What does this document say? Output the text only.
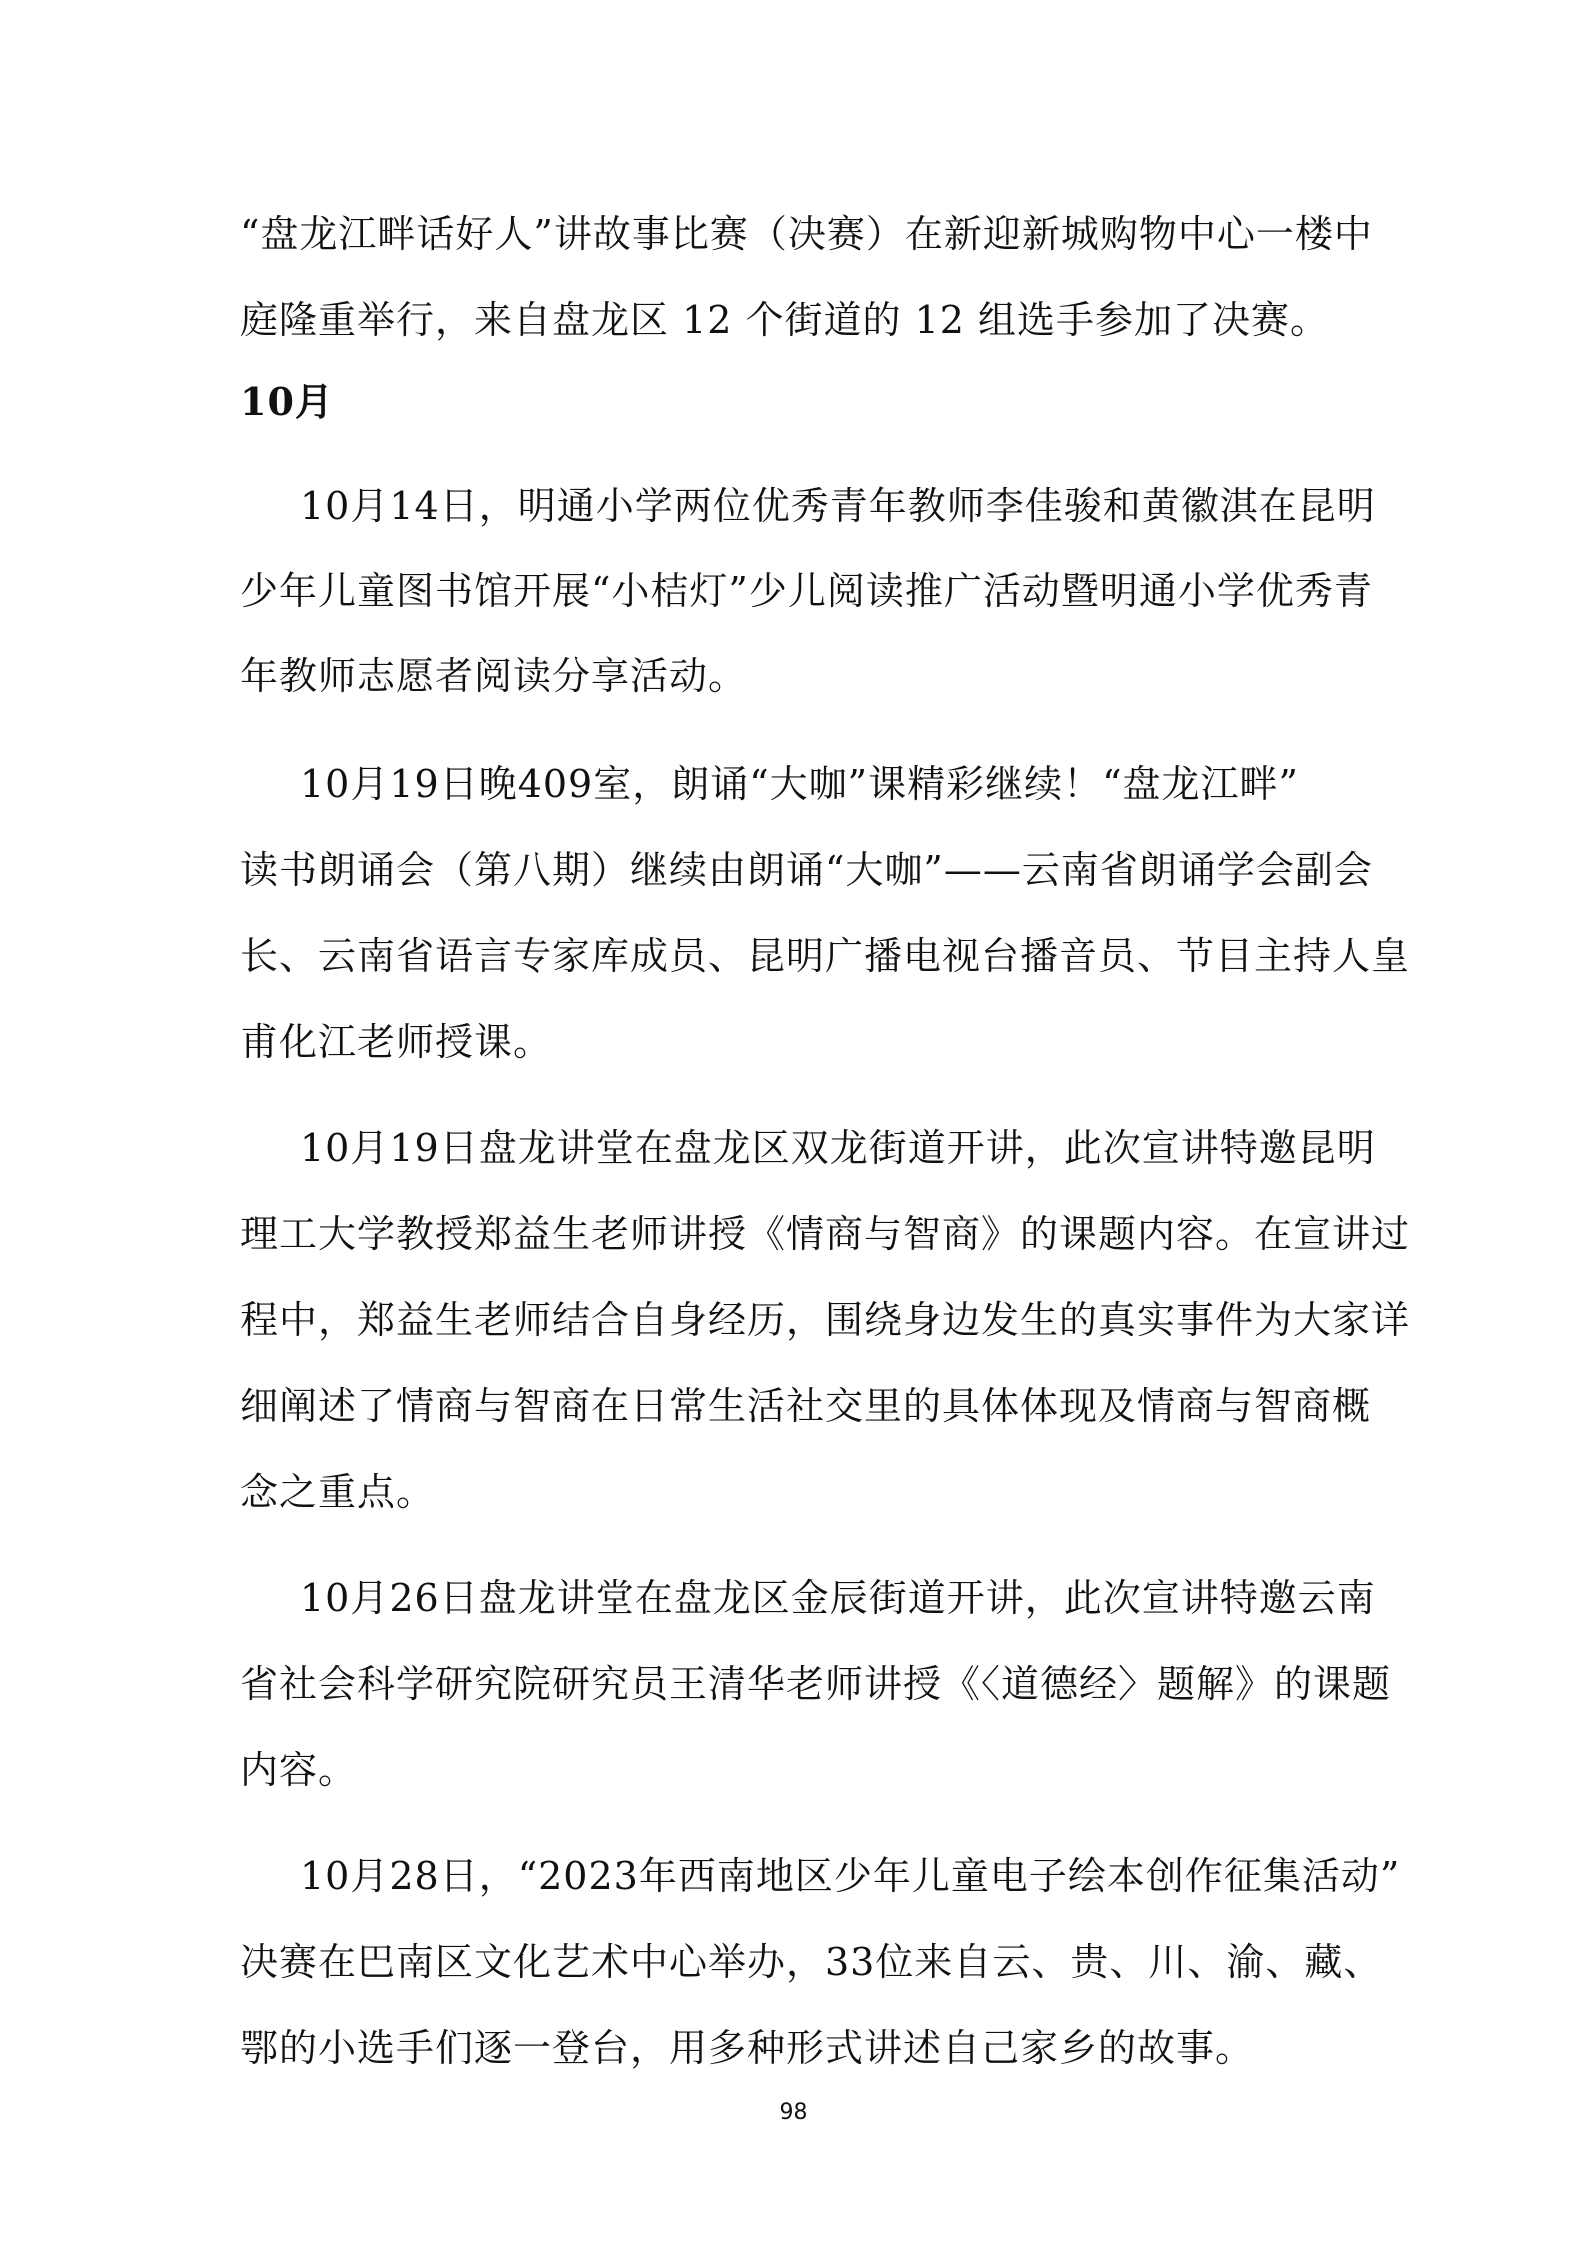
“盘龙江畔话好人”讲故事比赛（决赛）在新迎新城购物中心一楼中
庭隆重举行，来自盘龙区 12 个街道的 12 组选手参加了决赛。
10月
10月14日，明通小学两位优秀青年教师李佳骏和黄徽淇在昆明
少年儿童图书馆开展“小桔灯”少儿阅读推广活动暨明通小学优秀青
年教师志愿者阅读分享活动。
10月19日晚409室，朗诵“大咖”课精彩继续！“盘龙江畔”
读书朗诵会（第八期）继续由朗诵“大咖”——云南省朗诵学会副会
长、云南省语言专家库成员、昆明广播电视台播音员、节目主持人皇
甫化江老师授课。
10月19日盘龙讲堂在盘龙区双龙街道开讲，此次宣讲特邀昆明
理工大学教授郑益生老师讲授《情商与智商》的课题内容。在宣讲过
程中，郑益生老师结合自身经历，围绕身边发生的真实事件为大家详
细阐述了情商与智商在日常生活社交里的具体体现及情商与智商概
念之重点。
10月26日盘龙讲堂在盘龙区金辰街道开讲，此次宣讲特邀云南
省社会科学研究院研究员王清华老师讲授《〈道德经〉题解》的课题
内容。
10月28日，“2023年西南地区少年儿童电子绘本创作征集活动”
决赛在巴南区文化艺术中心举办，33位来自云、贵、川、渝、藏、
鄂的小选手们逐一登台，用多种形式讲述自己家乡的故事。
98
